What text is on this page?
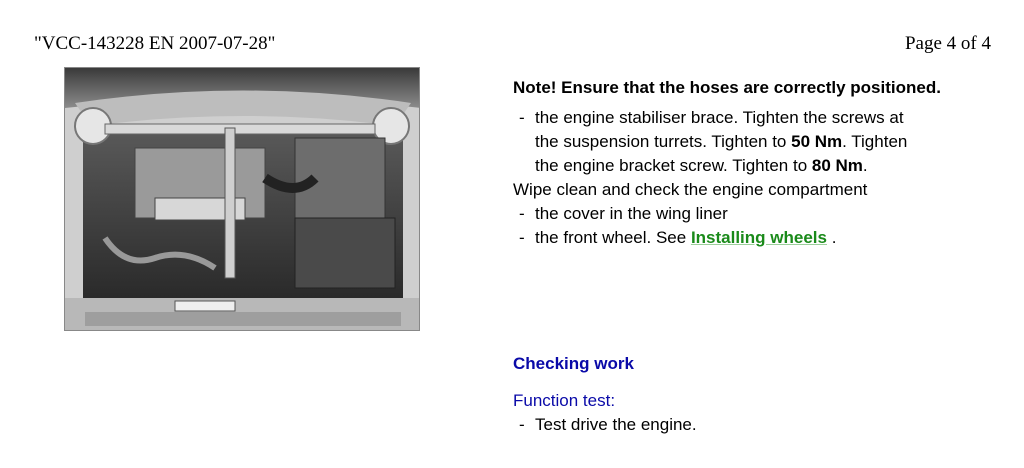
"VCC-143228 EN 2007-07-28"	Page 4 of 4
Note! Ensure that the hoses are correctly positioned.
- the engine stabiliser brace. Tighten the screws at
the suspension turrets. Tighten to 50 Nm. Tighten
the engine bracket screw. Tighten to 80 Nm.
Wipe clean and check the engine compartment
- the cover in the wing liner
- the front wheel. See Installing wheels .
Checking work
Function test:
- Test drive the engine.
